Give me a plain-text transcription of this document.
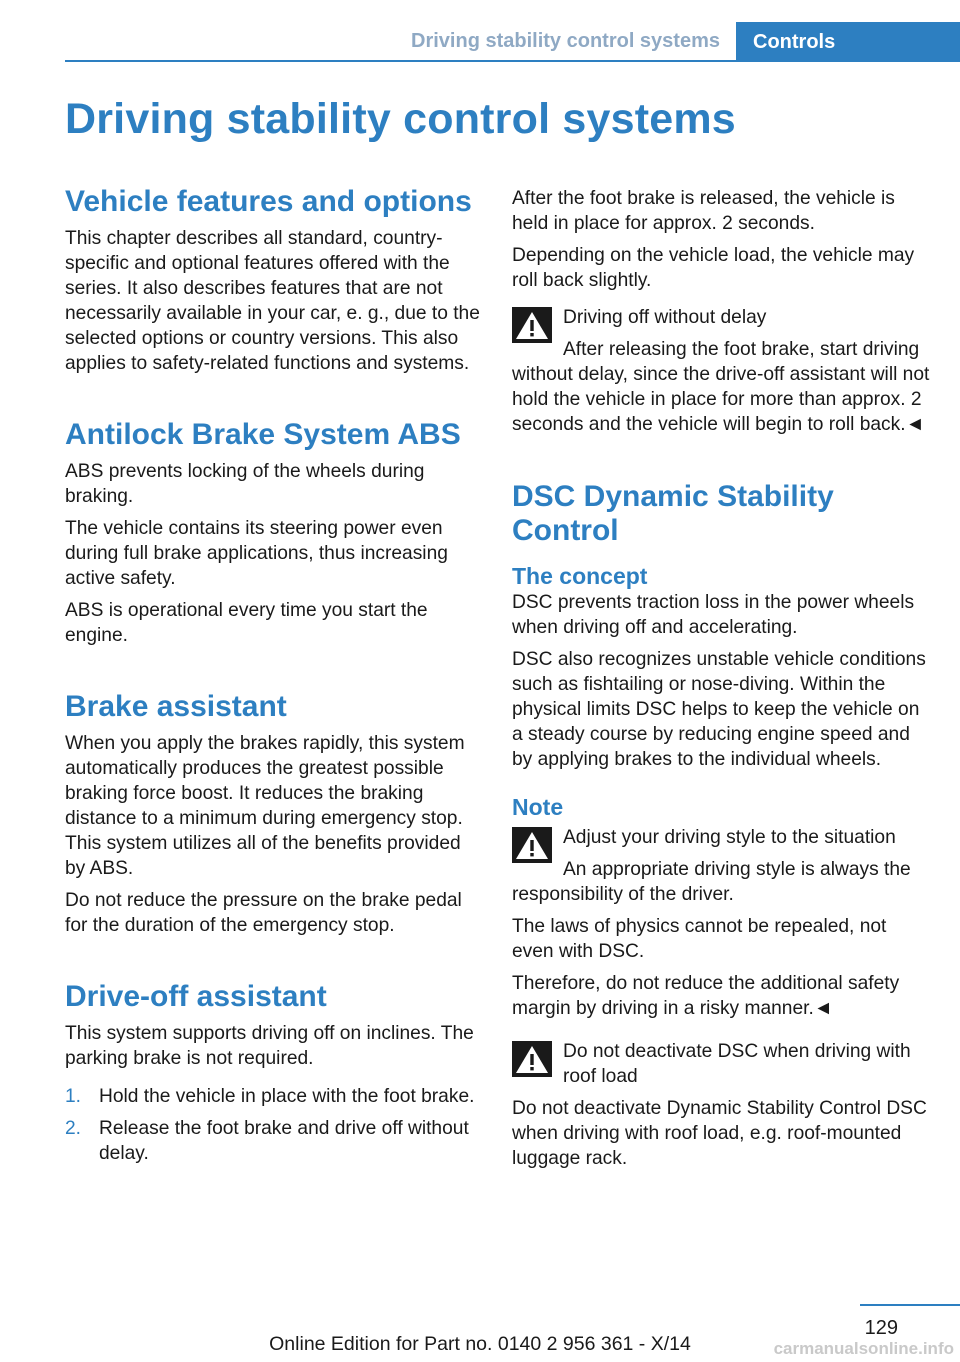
Driving stability control systems Controls
Driving stability control systems
Vehicle features and options

This chapter describes all standard, country-specific and optional features offered with the series. It also describes features that are not necessarily available in your car, e. g., due to the selected options or country versions. This also applies to safety-related functions and systems.

Antilock Brake System ABS

ABS prevents locking of the wheels during braking.

The vehicle contains its steering power even during full brake applications, thus increasing active safety.

ABS is operational every time you start the engine.

Brake assistant

When you apply the brakes rapidly, this system automatically produces the greatest possible braking force boost. It reduces the braking distance to a minimum during emergency stop. This system utilizes all of the benefits provided by ABS.

Do not reduce the pressure on the brake pedal for the duration of the emergency stop.

Drive-off assistant

This system supports driving off on inclines. The parking brake is not required.

1. Hold the vehicle in place with the foot brake.
2. Release the foot brake and drive off without delay.

After the foot brake is released, the vehicle is held in place for approx. 2 seconds.

Depending on the vehicle load, the vehicle may roll back slightly.

Driving off without delay

After releasing the foot brake, start driving without delay, since the drive-off assistant will not hold the vehicle in place for more than approx. 2 seconds and the vehicle will begin to roll back.◄

DSC Dynamic Stability Control
The concept

DSC prevents traction loss in the power wheels when driving off and accelerating.

DSC also recognizes unstable vehicle conditions such as fishtailing or nose-diving. Within the physical limits DSC helps to keep the vehicle on a steady course by reducing engine speed and by applying brakes to the individual wheels.

Note

Adjust your driving style to the situation

An appropriate driving style is always the responsibility of the driver.

The laws of physics cannot be repealed, not even with DSC.

Therefore, do not reduce the additional safety margin by driving in a risky manner.◄

Do not deactivate DSC when driving with roof load

Do not deactivate Dynamic Stability Control DSC when driving with roof load, e.g. roof-mounted luggage rack.

129
Online Edition for Part no. 0140 2 956 361 - X/14	carmanualsonline.info
